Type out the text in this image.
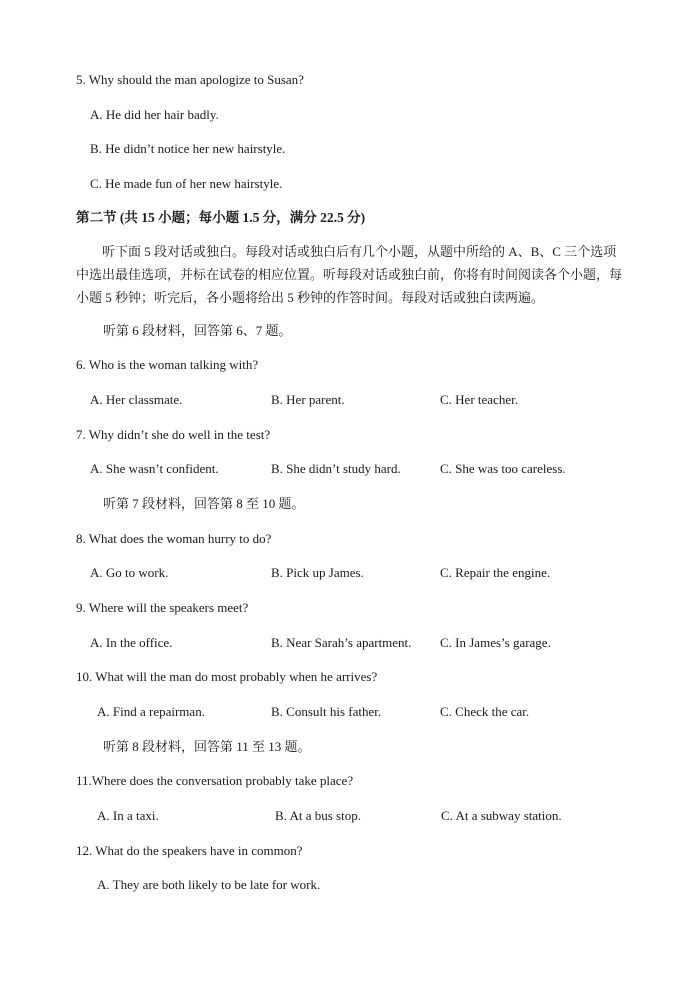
5. Why should the man apologize to Susan?
A. He did her hair badly.
B. He didn’t notice her new hairstyle.
C. He made fun of her new hairstyle.
第二节 (共 15 小题；每小题 1.5 分，满分 22.5 分)
听下面 5 段对话或独白。每段对话或独白后有几个小题，从题中所给的 A、B、C 三个选项中选出最佳选项，并标在试卷的相应位置。听每段对话或独白前，你将有时间阅读各个小题，每小题 5 秒钟；听完后，各小题将给出 5 秒钟的作答时间。每段对话或独白读两遍。
听第 6 段材料，回答第 6、7 题。
6. Who is the woman talking with?
A. Her classmate.	B. Her parent.	C. Her teacher.
7. Why didn’t she do well in the test?
A. She wasn’t confident.	B. She didn’t study hard.	C. She was too careless.
听第 7 段材料，回答第 8 至 10 题。
8. What does the woman hurry to do?
A. Go to work.	B. Pick up James.	C. Repair the engine.
9. Where will the speakers meet?
A. In the office.	B. Near Sarah’s apartment. C. In James’s garage.
10. What will the man do most probably when he arrives?
A. Find a repairman.	B. Consult his father.	C. Check the car.
听第 8 段材料，回答第 11 至 13 题。
11.Where does the conversation probably take place?
A. In a taxi.	B. At a bus stop.	C. At a subway station.
12. What do the speakers have in common?
A. They are both likely to be late for work.
